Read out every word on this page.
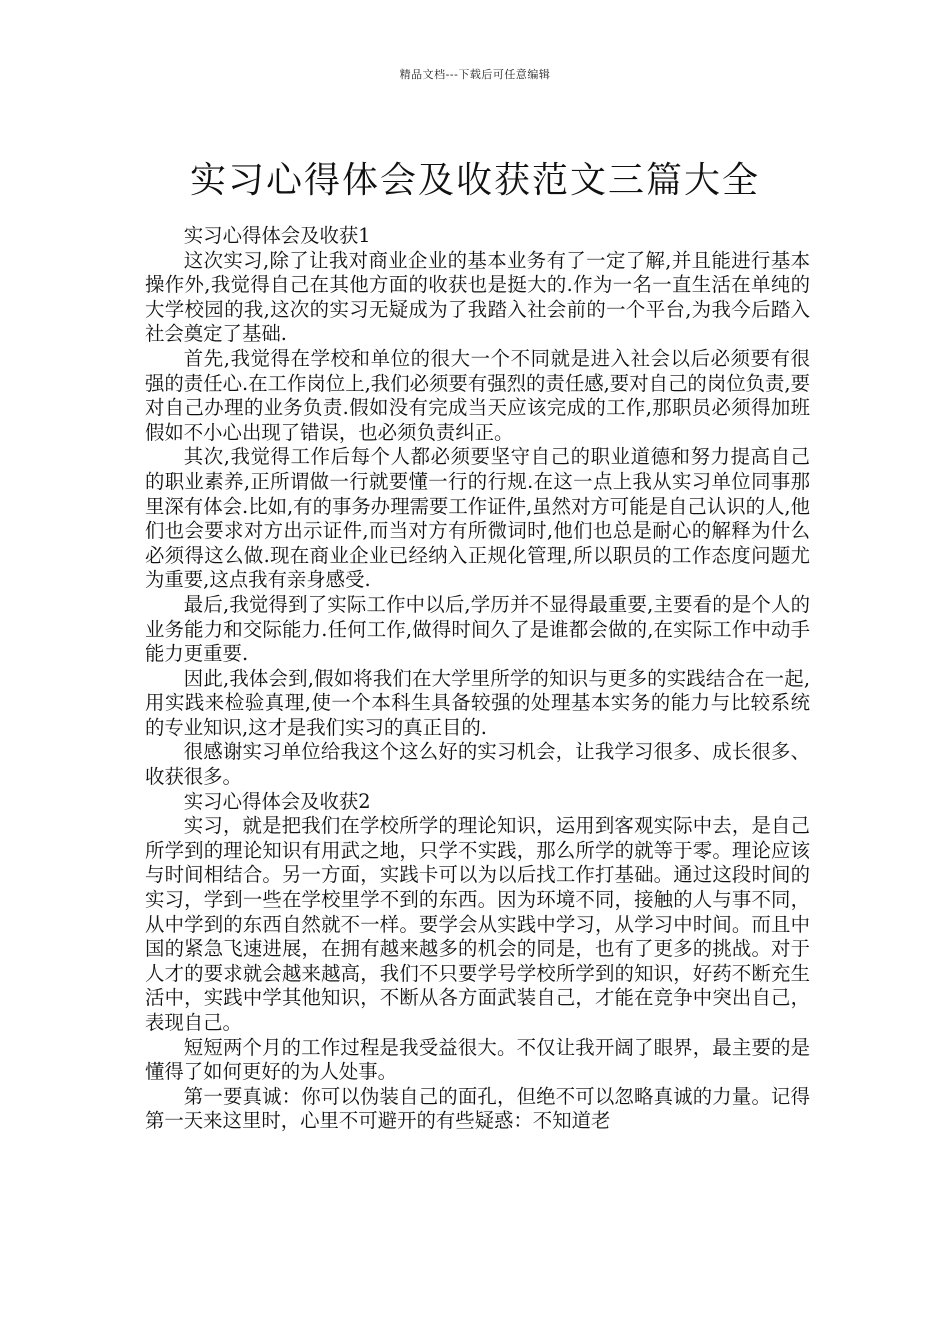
精品文档---下载后可任意编辑
实习心得体会及收获范文三篇大全

实习心得体会及收获1

这次实习,除了让我对商业企业的基本业务有了一定了解,并且能进行基本操作外,我觉得自己在其他方面的收获也是挺大的.作为一名一直生活在单纯的大学校园的我,这次的实习无疑成为了我踏入社会前的一个平台,为我今后踏入社会奠定了基础.

首先,我觉得在学校和单位的很大一个不同就是进入社会以后必须要有很强的责任心.在工作岗位上,我们必须要有强烈的责任感,要对自己的岗位负责,要对自己办理的业务负责.假如没有完成当天应该完成的工作,那职员必须得加班假如不小心出现了错误，也必须负责纠正。

其次,我觉得工作后每个人都必须要坚守自己的职业道德和努力提高自己的职业素养,正所谓做一行就要懂一行的行规.在这一点上我从实习单位同事那里深有体会.比如,有的事务办理需要工作证件,虽然对方可能是自己认识的人,他们也会要求对方出示证件,而当对方有所微词时,他们也总是耐心的解释为什么必须得这么做.现在商业企业已经纳入正规化管理,所以职员的工作态度问题尤为重要,这点我有亲身感受.

最后,我觉得到了实际工作中以后,学历并不显得最重要,主要看的是个人的业务能力和交际能力.任何工作,做得时间久了是谁都会做的,在实际工作中动手能力更重要.

因此,我体会到,假如将我们在大学里所学的知识与更多的实践结合在一起,用实践来检验真理,使一个本科生具备较强的处理基本实务的能力与比较系统的专业知识,这才是我们实习的真正目的.

很感谢实习单位给我这个这么好的实习机会，让我学习很多、成长很多、收获很多。

实习心得体会及收获2

实习，就是把我们在学校所学的理论知识，运用到客观实际中去，是自己所学到的理论知识有用武之地，只学不实践，那么所学的就等于零。理论应该与时间相结合。另一方面，实践卡可以为以后找工作打基础。通过这段时间的实习，学到一些在学校里学不到的东西。因为环境不同，接触的人与事不同，从中学到的东西自然就不一样。要学会从实践中学习，从学习中时间。而且中国的紧急飞速进展，在拥有越来越多的机会的同是，也有了更多的挑战。对于人才的要求就会越来越高，我们不只要学号学校所学到的知识，好药不断充生活中，实践中学其他知识，不断从各方面武装自己，才能在竞争中突出自己，表现自己。

短短两个月的工作过程是我受益很大。不仅让我开阔了眼界，最主要的是懂得了如何更好的为人处事。

第一要真诚：你可以伪装自己的面孔，但绝不可以忽略真诚的力量。记得第一天来这里时，心里不可避开的有些疑惑：不知道老
